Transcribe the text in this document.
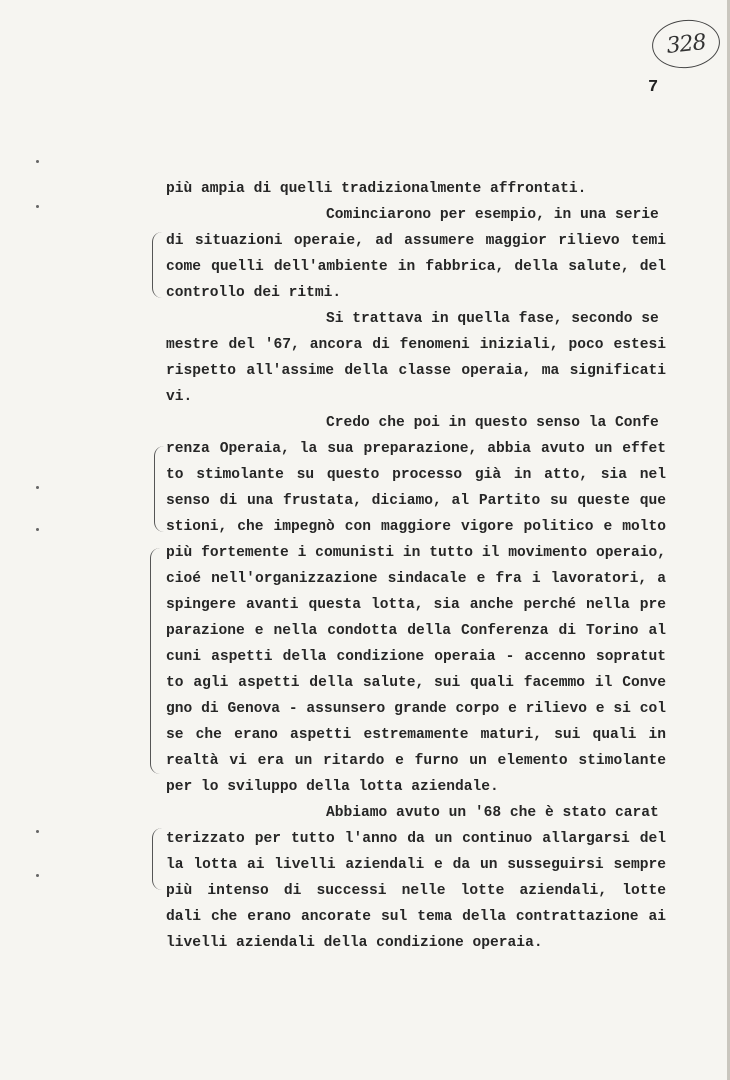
328
7
più ampia di quelli tradizionalmente affrontati.
Cominciarono per esempio, in una serie
di situazioni operaie, ad assumere maggior rilievo temi
come quelli dell'ambiente in fabbrica, della salute, del
controllo dei ritmi.
Si trattava in quella fase, secondo se
mestre del '67, ancora di fenomeni iniziali, poco estesi
rispetto all'assime della classe operaia, ma significati
vi.
Credo che poi in questo senso la Confe
renza Operaia, la sua preparazione, abbia avuto un effet
to stimolante su questo processo già in atto, sia nel
senso di una frustata, diciamo, al Partito su queste que
stioni, che impegnò con maggiore vigore politico e molto
più fortemente i comunisti in tutto il movimento operaio,
cioé nell'organizzazione sindacale e fra i lavoratori, a
spingere avanti questa lotta, sia anche perché nella pre
parazione e nella condotta della Conferenza di Torino al
cuni aspetti della condizione operaia - accenno sopratut
to agli aspetti della salute, sui quali facemmo il Conve
gno di Genova - assunsero grande corpo e rilievo e si col
se che erano aspetti estremamente maturi, sui quali in
realtà vi era un ritardo e furno un elemento stimolante
per lo sviluppo della lotta aziendale.
Abbiamo avuto un '68 che è stato carat
terizzato per tutto l'anno da un continuo allargarsi del
la lotta ai livelli aziendali e da un susseguirsi sempre
più intenso di successi nelle lotte aziendali, lotte
dali che erano ancorate sul tema della contrattazione ai
livelli aziendali della condizione operaia.
